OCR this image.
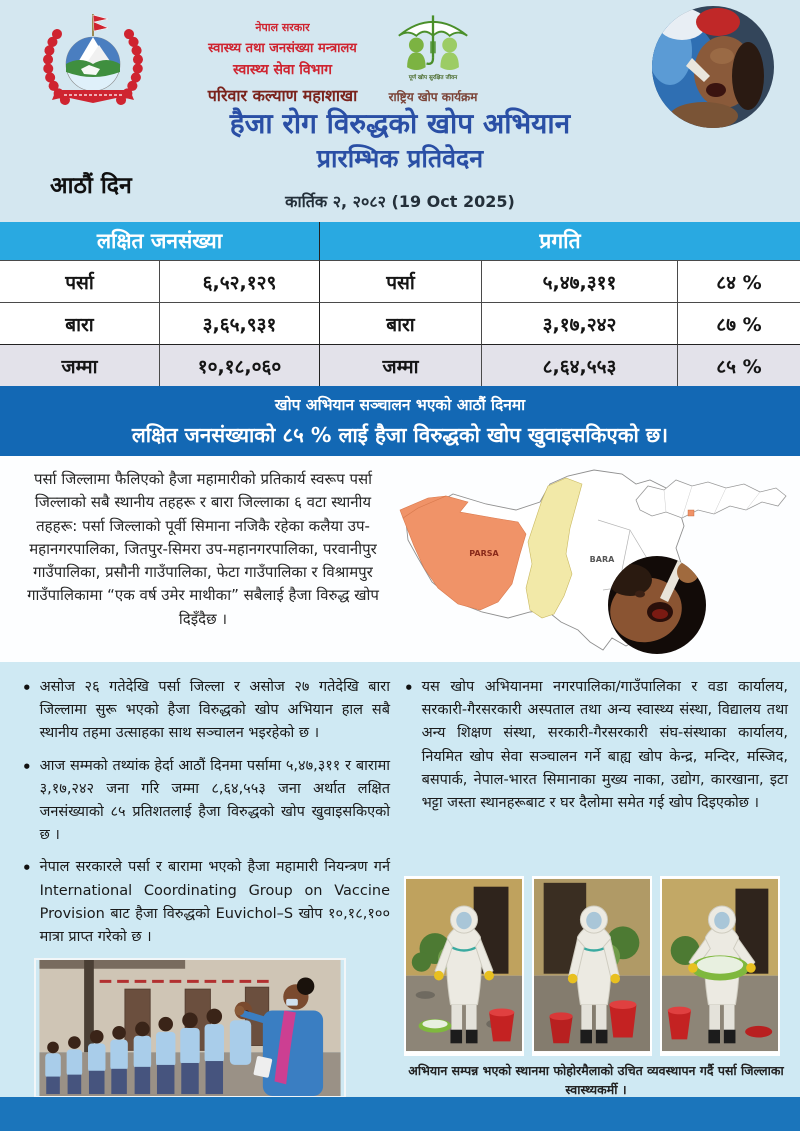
नेपाल सरकार
स्वास्थ्य तथा जनसंख्या मन्त्रालय
स्वास्थ्य सेवा विभाग
परिवार कल्याण महाशाखा
पूर्ण खोप सुरक्षित जीवन
राष्ट्रिय खोप कार्यक्रम
हैजा रोग विरुद्धको खोप अभियान
प्रारम्भिक प्रतिवेदन
आठौं दिन
कार्तिक २, २०८२ (19 Oct 2025)
लक्षित जनसंख्या	प्रगति
पर्सा	६,५२,१२९	पर्सा	५,४७,३११	८४ %
बारा	३,६५,९३१	बारा	३,१७,२४२	८७ %
जम्मा	१०,१८,०६०	जम्मा	८,६४,५५३	८५ %
खोप अभियान सञ्चालन भएको आठौं दिनमा
लक्षित जनसंख्याको ८५ % लाई हैजा विरुद्धको खोप खुवाइसकिएको छ।
पर्सा जिल्लामा फैलिएको हैजा महामारीको प्रतिकार्य स्वरूप पर्सा जिल्लाको सबै स्थानीय तहहरू र बारा जिल्लाका ६ वटा स्थानीय तहहरू: पर्सा जिल्लाको पूर्वी सिमाना नजिकै रहेका कलैया उप-महानगरपालिका, जितपुर-सिमरा उप-महानगरपालिका, परवानीपुर गाउँपालिका, प्रसौनी गाउँपालिका, फेटा गाउँपालिका र विश्रामपुर गाउँपालिकामा “एक वर्ष उमेर माथीका” सबैलाई हैजा विरुद्ध खोप दिइँदैछ ।
PARSA
BARA
• असोज २६ गतेदेखि पर्सा जिल्ला र असोज २७ गतेदेखि बारा जिल्लामा सुरू भएको हैजा विरुद्धको खोप अभियान हाल सबै स्थानीय तहमा उत्साहका साथ सञ्चालन भइरहेको छ ।
• आज सम्मको तथ्यांक हेर्दा आठौं दिनमा पर्सामा ५,४७,३११ र बारामा ३,१७,२४२ जना गरि जम्मा ८,६४,५५३ जना अर्थात लक्षित जनसंख्याको ८५ प्रतिशतलाई हैजा विरुद्धको खोप खुवाइसकिएको छ ।
• नेपाल सरकारले पर्सा र बारामा भएको हैजा महामारी नियन्त्रण गर्न International Coordinating Group on Vaccine Provision बाट हैजा विरुद्धको Euvichol–S खोप १०,१८,१०० मात्रा प्राप्त गरेको छ ।
• यस खोप अभियानमा नगरपालिका/गाउँपालिका र वडा कार्यालय, सरकारी-गैरसरकारी अस्पताल तथा अन्य स्वास्थ्य संस्था, विद्यालय तथा अन्य शिक्षण संस्था, सरकारी-गैरसरकारी संघ-संस्थाका कार्यालय, नियमित खोप सेवा सञ्चालन गर्ने बाह्य खोप केन्द्र, मन्दिर, मस्जिद, बसपार्क, नेपाल-भारत सिमानाका मुख्य नाका, उद्योग, कारखाना, इटा भट्टा जस्ता स्थानहरूबाट र घर दैलोमा समेत गई खोप दिइएकोछ ।
अभियान सम्पन्न भएको स्थानमा फोहोरमैलाको उचित व्यवस्थापन गर्दै पर्सा जिल्लाका स्वास्थ्यकर्मी ।
